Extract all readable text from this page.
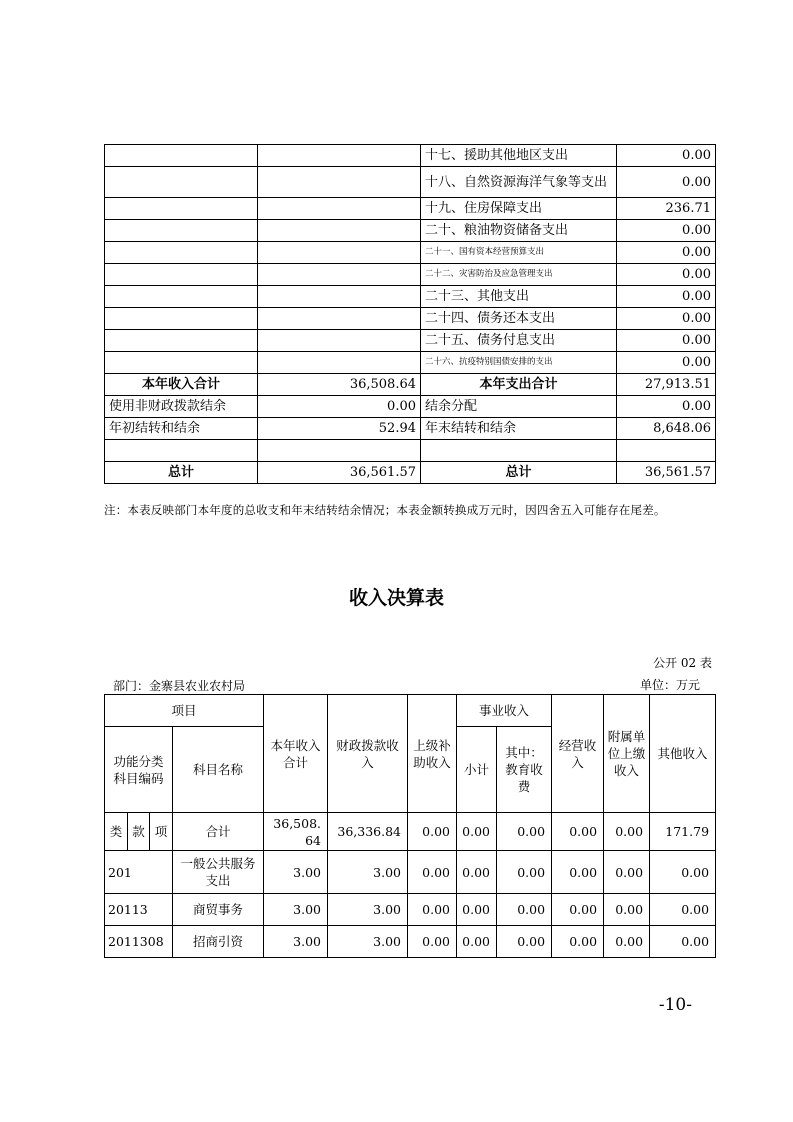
		十七、援助其他地区支出	0.00
		十八、自然资源海洋气象等支出	0.00
		十九、住房保障支出	236.71
		二十、粮油物资储备支出	0.00
		二十一、国有资本经营预算支出	0.00
		二十二、灾害防治及应急管理支出	0.00
		二十三、其他支出	0.00
		二十四、债务还本支出	0.00
		二十五、债务付息支出	0.00
		二十六、抗疫特别国债安排的支出	0.00
本年收入合计	36,508.64	本年支出合计	27,913.51
使用非财政拨款结余	0.00	结余分配	0.00
年初结转和结余	52.94	年末结转和结余	8,648.06

总计	36,561.57	总计	36,561.57
注：本表反映部门本年度的总收支和年末结转结余情况；本表金额转换成万元时，因四舍五入可能存在尾差。
收入决算表
公开 02 表
部门：金寨县农业农村局	单位：万元
项目				本年收入合计	财政拨款收入	上级补助收入	事业收入		经营收入	附属单位上缴收入	其他收入
功能分类科目编码			科目名称				小计	其中：教育收费			

类	款	项	合计	36,508.64	36,336.84	0.00	0.00	0.00	0.00	0.00	171.79
201			一般公共服务支出	3.00	3.00	0.00	0.00	0.00	0.00	0.00	0.00
20113			商贸事务	3.00	3.00	0.00	0.00	0.00	0.00	0.00	0.00
2011308			招商引资	3.00	3.00	0.00	0.00	0.00	0.00	0.00	0.00
-10-
